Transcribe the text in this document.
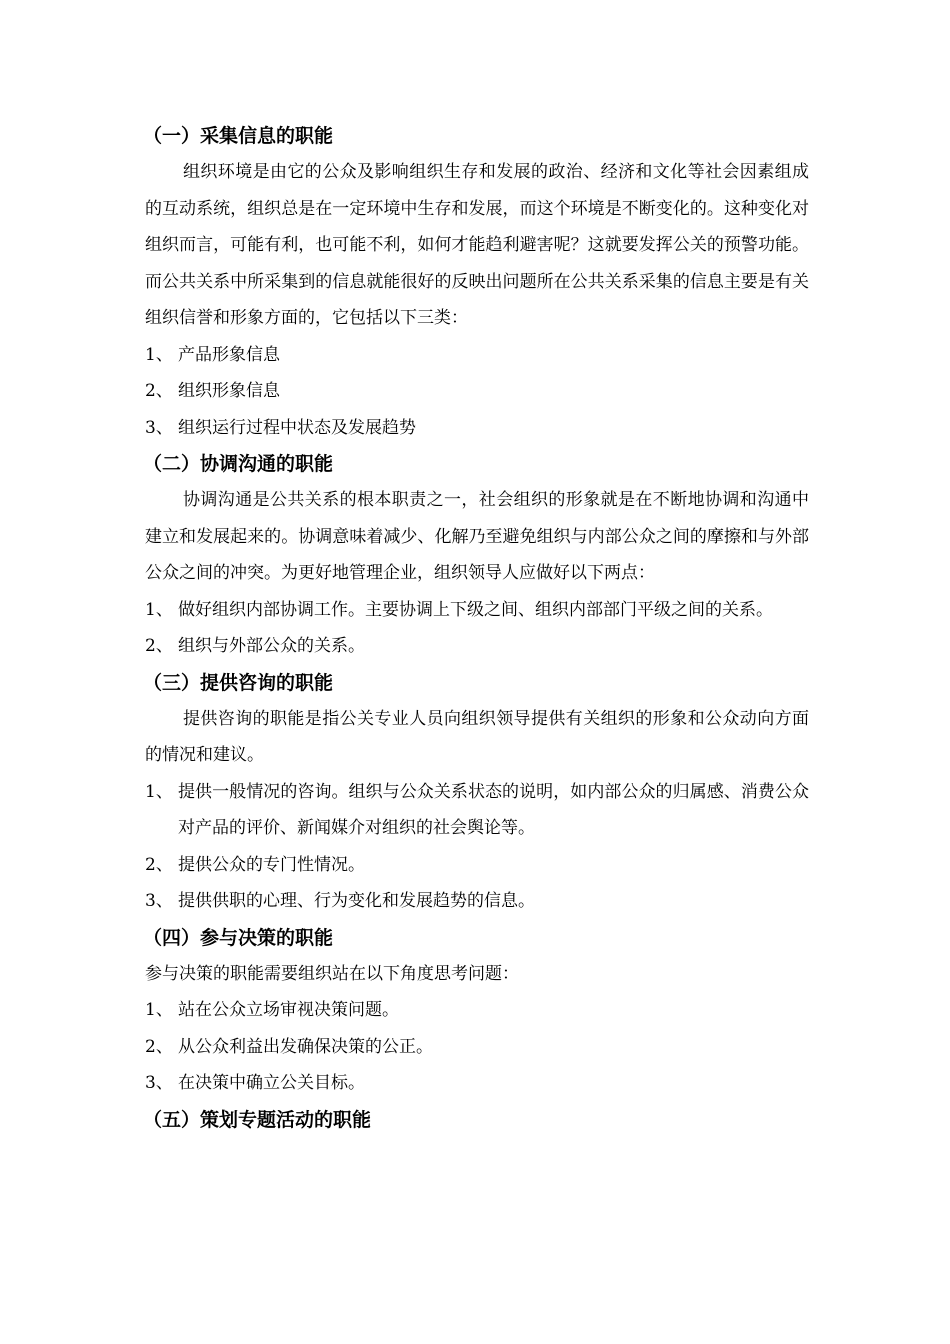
（一）采集信息的职能

组织环境是由它的公众及影响组织生存和发展的政治、经济和文化等社会因素组成的互动系统，组织总是在一定环境中生存和发展，而这个环境是不断变化的。这种变化对组织而言，可能有利，也可能不利，如何才能趋利避害呢？这就要发挥公关的预警功能。而公共关系中所采集到的信息就能很好的反映出问题所在公共关系采集的信息主要是有关组织信誉和形象方面的，它包括以下三类：

1、 产品形象信息
2、 组织形象信息
3、 组织运行过程中状态及发展趋势
（二）协调沟通的职能

协调沟通是公共关系的根本职责之一，社会组织的形象就是在不断地协调和沟通中建立和发展起来的。协调意味着减少、化解乃至避免组织与内部公众之间的摩擦和与外部公众之间的冲突。为更好地管理企业，组织领导人应做好以下两点：

1、 做好组织内部协调工作。主要协调上下级之间、组织内部部门平级之间的关系。
2、 组织与外部公众的关系。
（三）提供咨询的职能

提供咨询的职能是指公关专业人员向组织领导提供有关组织的形象和公众动向方面的情况和建议。

1、 提供一般情况的咨询。组织与公众关系状态的说明，如内部公众的归属感、消费公众对产品的评价、新闻媒介对组织的社会舆论等。
2、 提供公众的专门性情况。
3、 提供供职的心理、行为变化和发展趋势的信息。
（四）参与决策的职能

参与决策的职能需要组织站在以下角度思考问题：

1、 站在公众立场审视决策问题。
2、 从公众利益出发确保决策的公正。
3、 在决策中确立公关目标。
（五）策划专题活动的职能
